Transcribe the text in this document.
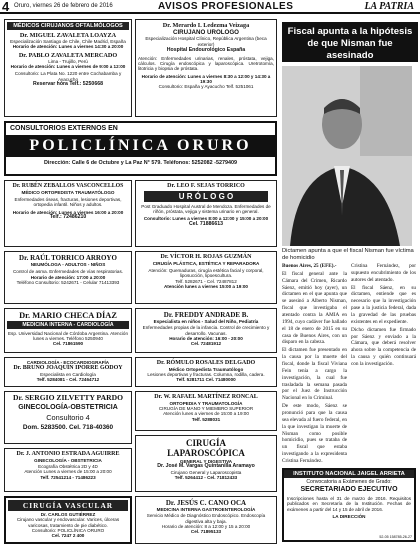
4 Oruro, viernes 26 de febrero de 2016	AVISOS PROFESIONALES	LA PATRIA
MÉDICOS CIRUJANOS OFTALMÓLOGOS
Dr. MIGUEL ZAVALETA LOAYZA
Especialización Santiago de Chile, Chile Madrid, España
Horario de atención: Lunes a viernes 14:30 a 20:00
Dr. PABLO ZAVALETA MERCADO
Lima - Trujillo, Perú
Horario de atención: Lunes a viernes de 9:00 a 12:00
Consultorio: La Plata No. 1220 entre Cochabamba y Ayacucho
Reservar hora Telf.: 5250668
Dr. Merardo I. Ledezma Veizaga
CIRUJANO UROLOGO
Especialización Hospital Clínico, República Argentina (beca exterior)
Hospital Endourológico España
Atención: Enfermedades urinarias, renales, próstata, vejiga, cálculos. Cirugía endoscópica y laparoscópica. Uretrotomía, litotricia y biopsia de próstata.
Horario de atención: Lunes a viernes 8:30 a 12:00 y 14:30 a 19:30
Consultorio: España y Ayacucho Telf. 5251061
Fiscal apunta a la hipótesis
de que Nisman fue asesinado
Dictamen apunta a que el fiscal Nisman fue víctima de homicidio
CONSULTORIOS EXTERNOS EN
POLICLÍNICA ORURO
Dirección: Calle 6 de Octubre y La Paz N° 579. Teléfonos: 5252082 -5279409
Dr. RUBÉN ZEBALLOS VASCONCELLOS
MÉDICO ORTOPEDISTA TRAUMATÓLOGO
Enfermedades óseas, fracturas, lesiones deportivas, ortopedia infantil. Niños y adultos.
Horario de atención: Lunes a viernes 16:00 a 20:00
Telf.: 72486210
Dr. LEO F. SEJAS TORRICO
U R Ó L O G O
Post Graduado Hospital Austral de Mendoza. Enfermedades de riñón, próstata, vejiga y sistema urinario en general.
Consultorio: Lunes a viernes 8:00 a 12:00 y 15:00 a 20:00
Cel. 71886613
Dr. RAÚL TORRICO ARROYO
NEUMÓLOGA - ADULTOS - NIÑOS
Control de asma. Enfermedades de vías respiratorias.
Horario de atención: 17:00 a 20:00
Teléfono Consultorio: 5242671 - Celular 71413393
Dr. VÍCTOR H. ROJAS GUZMÁN
CIRUGÍA PLÁSTICA, ESTÉTICA Y REPARADORA
Atención: Quemaduras, cirugía estética facial y corporal, liposucción, lipoescultura.
Telf. 5282671 - Cel. 72487812
Atención lunes a viernes 15:00 a 19:00
Dr. MARIO CHECA DÍAZ
MEDICINA INTERNA - CARDIOLOGÍA
Esp. Universidad Nacional de Córdoba Argentina. Atención lunes a viernes. Teléfono 5250940
Cel. 71861590
Dr. FREDDY ANDRADE B.
Especialista en niños - Salud del Niño, Pediatría
Enfermedades propias de la infancia. Control de crecimiento y desarrollo. Vacunas.
Horario de atención: 16:00 - 20:00
Cel. 72481912
CARDIOLOGÍA - ECOCARDIOGRAFÍA
Dr. BRUNO JOAQUÍN IPORRE GODOY
Especialista en Cardiología
Telf. 5284081 - Cel. 72464712
Dr. RÓMULO ROSALES DELGADO
Médico Ortopedista Traumatólogo
Lesiones deportivas y fracturas. Columna, rodilla, cadera.
Telf. 5281711 Cel. 71480000
Dr. SERGIO ZILVETTY PARDO
GINECOLOGÍA-OBSTETRICIA
Consultorio 4
Dom. 5283500. Cel. 718-40360
Dr. W. RAFAEL MARTÍNEZ RONCAL
ORTOPEDIA Y TRAUMATOLOGÍA
CIRUGÍA DE MANO Y MIEMBRO SUPERIOR
Atención lunes a viernes de 15:00 a 19:00
Telf. 5288031
Dr. J. ANTONIO ESTRADA AGUIRRE
GINECOLOGÍA - OBSTETRICIA
Ecografía Obstétrica 2D y 4D
Atención Lunes a viernes de 15:00 a 20:00
Telf. 72541214 - 71486223
CIRUGÍA
LAPAROSCÓPICA
GENERAL Y DIGESTIVA
Dr. José M. Vargas Quintanilla Aramayo
Cirujano General y Laparoscopista
Telf. 5264412 - Cel. 71812433
CIRUGÍA VASCULAR
Dr. CARLOS GUTIÉRREZ
Cirujano vascular y endovascular. Varices, úlceras varicosas, tratamiento de pie diabético.
Consultorio: POLICLÍNICA ORURO
Cel. 7247 2 400
Dr. JESÚS C. CANO OCA
MEDICINA INTERNA GASTROENTEROLOGÍA
Servicio Médico de Diagnóstico Endoscópico. Endoscopía digestiva alta y baja.
Horario de atención: 8 a 12:00 y 15 a 20:00
Cel. 71895133

Buenos Aires, 25 (EFE).-

El fiscal general ante la Cámara del Crimen, Ricardo Sáenz, emitió hoy (ayer), un dictamen en el que apunta que se asesinó a Alberto Nisman, fiscal que investigaba el atentado contra la AMIA en 1994, cuyo cadáver fue hallado el 18 de enero de 2015 en su casa de Buenos Aires, con un disparo en la cabeza.

El dictamen fue presentado en la causa por la muerte del fiscal, donde la fiscal Viviana Fein tenía a cargo la investigación, la cual fue trasladada la semana pasada por el Juez de Instrucción Nacional en lo Criminal.

De este modo, Sáenz se pronunció para que la causa sea elevada al fuero federal, en la que investigan la muerte de Nisman como posible homicidio, pues se trataba de un fiscal que estaba investigando a la expresidenta Cristina Fernández.

Cristina Fernández, por supuesto encubrimiento de los autores del atentado.

El fiscal Sáenz, en su dictamen, entiende que es necesario que la investigación pase a la justicia federal, dada la gravedad de las pruebas existentes en el expediente.

Dicho dictamen fue firmado por Sáenz y enviado a la Cámara, que deberá resolver ahora sobre la competencia de la causa y quién continuará con la investigación.

INSTITUTO NACIONAL JAIGEL ARRIETA
Convocatoria a Exámenes de Grado:
SECRETARIADO EJECUTIVO
Inscripciones hasta el 31 de marzo de 2016. Requisitos publicados en Secretaría de la Institución. Fechas de exámenes a partir del 14 y 15 de abril de 2016.
LA DIRECCIÓN
52-05 158785-26-27
